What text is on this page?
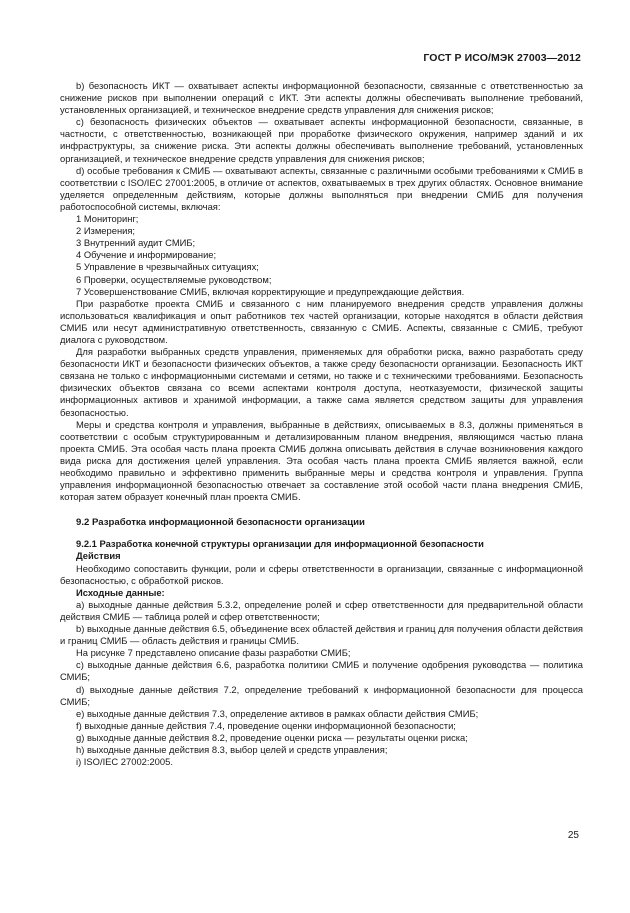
ГОСТ Р ИСО/МЭК 27003—2012

b) безопасность ИКТ — охватывает аспекты информационной безопасности, связанные с ответственностью за снижение рисков при выполнении операций с ИКТ. Эти аспекты должны обеспечивать выполнение требований, установленных организацией, и техническое внедрение средств управления для снижения рисков;

c) безопасность физических объектов — охватывает аспекты информационной безопасности, связанные, в частности, с ответственностью, возникающей при проработке физического окружения, например зданий и их инфраструктуры, за снижение риска. Эти аспекты должны обеспечивать выполнение требований, установленных организацией, и техническое внедрение средств управления для снижения рисков;

d) особые требования к СМИБ — охватывают аспекты, связанные с различными особыми требованиями к СМИБ в соответствии с ISO/IEC 27001:2005, в отличие от аспектов, охватываемых в трех других областях. Основное внимание уделяется определенным действиям, которые должны выполняться при внедрении СМИБ для получения работоспособной системы, включая:

1 Мониторинг;

2 Измерения;

3 Внутренний аудит СМИБ;

4 Обучение и информирование;

5 Управление в чрезвычайных ситуациях;

6 Проверки, осуществляемые руководством;

7 Усовершенствование СМИБ, включая корректирующие и предупреждающие действия.

При разработке проекта СМИБ и связанного с ним планируемого внедрения средств управления должны использоваться квалификация и опыт работников тех частей организации, которые находятся в области действия СМИБ или несут административную ответственность, связанную с СМИБ. Аспекты, связанные с СМИБ, требуют диалога с руководством.

Для разработки выбранных средств управления, применяемых для обработки риска, важно разработать среду безопасности ИКТ и безопасности физических объектов, а также среду безопасности организации. Безопасность ИКТ связана не только с информационными системами и сетями, но также и с техническими требованиями. Безопасность физических объектов связана со всеми аспектами контроля доступа, неотказуемости, физической защиты информационных активов и хранимой информации, а также сама является средством защиты для управления безопасностью.

Меры и средства контроля и управления, выбранные в действиях, описываемых в 8.3, должны применяться в соответствии с особым структурированным и детализированным планом внедрения, являющимся частью плана проекта СМИБ. Эта особая часть плана проекта СМИБ должна описывать действия в случае возникновения каждого вида риска для достижения целей управления. Эта особая часть плана проекта СМИБ является важной, если необходимо правильно и эффективно применить выбранные меры и средства контроля и управления. Группа управления информационной безопасностью отвечает за составление этой особой части плана внедрения СМИБ, которая затем образует конечный план проекта СМИБ.

9.2 Разработка информационной безопасности организации

9.2.1 Разработка конечной структуры организации для информационной безопасности

Действия

Необходимо сопоставить функции, роли и сферы ответственности в организации, связанные с информационной безопасностью, с обработкой рисков.

Исходные данные:

a) выходные данные действия 5.3.2, определение ролей и сфер ответственности для предварительной области действия СМИБ — таблица ролей и сфер ответственности;

b) выходные данные действия 6.5, объединение всех областей действия и границ для получения области действия и границ СМИБ — область действия и границы СМИБ.

На рисунке 7 представлено описание фазы разработки СМИБ;

c) выходные данные действия 6.6, разработка политики СМИБ и получение одобрения руководства — политика СМИБ;

d) выходные данные действия 7.2, определение требований к информационной безопасности для процесса СМИБ;

e) выходные данные действия 7.3, определение активов в рамках области действия СМИБ;

f) выходные данные действия 7.4, проведение оценки информационной безопасности;

g) выходные данные действия 8.2, проведение оценки риска — результаты оценки риска;

h) выходные данные действия 8.3, выбор целей и средств управления;

i) ISO/IEC 27002:2005.

25
